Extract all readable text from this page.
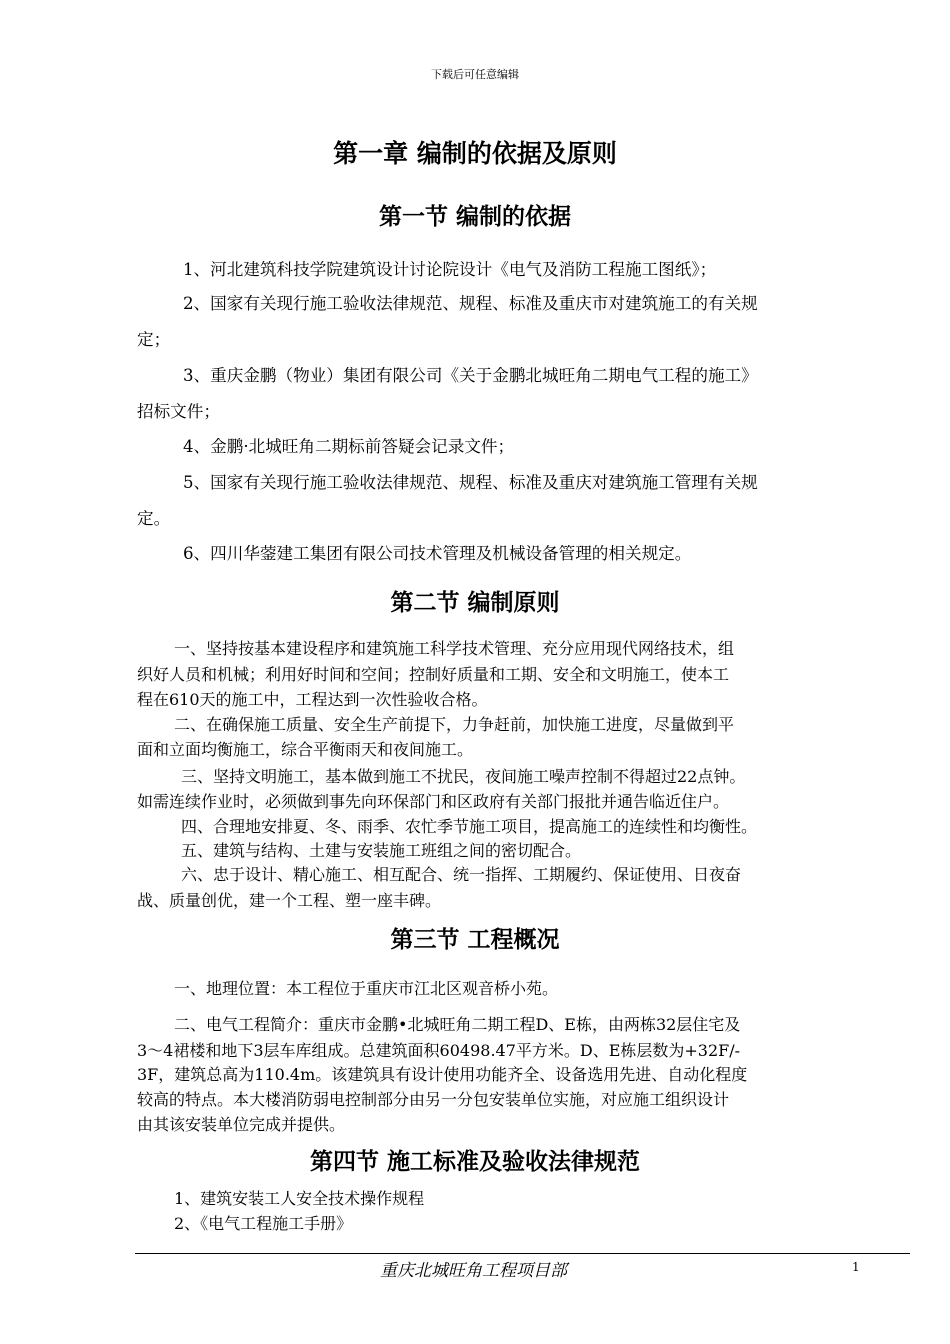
下载后可任意编辑
第一章 编制的依据及原则
第一节 编制的依据
1、河北建筑科技学院建筑设计讨论院设计《电气及消防工程施工图纸》；
2、国家有关现行施工验收法律规范、规程、标准及重庆市对建筑施工的有关规
定；
3、重庆金鹏（物业）集团有限公司《关于金鹏北城旺角二期电气工程的施工》
招标文件；
4、金鹏·北城旺角二期标前答疑会记录文件；
5、国家有关现行施工验收法律规范、规程、标准及重庆对建筑施工管理有关规
定。
6、四川华蓥建工集团有限公司技术管理及机械设备管理的相关规定。
第二节 编制原则
一、坚持按基本建设程序和建筑施工科学技术管理、充分应用现代网络技术，组
织好人员和机械；利用好时间和空间；控制好质量和工期、安全和文明施工，使本工
程在610天的施工中，工程达到一次性验收合格。
二、在确保施工质量、安全生产前提下，力争赶前，加快施工进度，尽量做到平
面和立面均衡施工，综合平衡雨天和夜间施工。
三、坚持文明施工，基本做到施工不扰民，夜间施工噪声控制不得超过22点钟。
如需连续作业时，必须做到事先向环保部门和区政府有关部门报批并通告临近住户。
四、合理地安排夏、冬、雨季、农忙季节施工项目，提高施工的连续性和均衡性。
五、建筑与结构、土建与安装施工班组之间的密切配合。
六、忠于设计、精心施工、相互配合、统一指挥、工期履约、保证使用、日夜奋
战、质量创优，建一个工程、塑一座丰碑。
第三节 工程概况
一、地理位置：本工程位于重庆市江北区观音桥小苑。
二、电气工程简介：重庆市金鹏•北城旺角二期工程D、E栋，由两栋32层住宅及
3～4裙楼和地下3层车库组成。总建筑面积60498.47平方米。D、E栋层数为+32F/-
3F，建筑总高为110.4m。该建筑具有设计使用功能齐全、设备选用先进、自动化程度
较高的特点。本大楼消防弱电控制部分由另一分包安装单位实施，对应施工组织设计
由其该安装单位完成并提供。
第四节 施工标准及验收法律规范
1、建筑安装工人安全技术操作规程
2、《电气工程施工手册》
重庆北城旺角工程项目部	1
